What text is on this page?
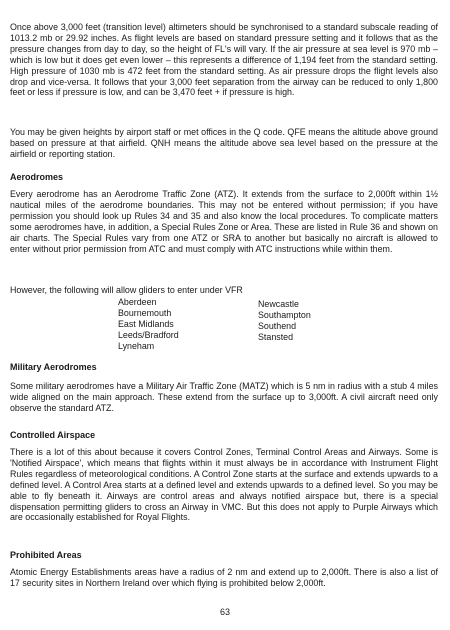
Once above 3,000 feet (transition level) altimeters should be synchronised to a standard subscale reading of 1013.2 mb or 29.92 inches. As flight levels are based on standard pressure setting and it follows that as the pressure changes from day to day, so the height of FL's will vary. If the air pressure at sea level is 970 mb – which is low but it does get even lower – this represents a difference of 1,194 feet from the standard setting. High pressure of 1030 mb is 472 feet from the standard setting. As air pressure drops the flight levels also drop and vice-versa. It follows that your 3,000 feet separation from the airway can be reduced to only 1,800 feet or less if pressure is low, and can be 3,470 feet + if pressure is high.

You may be given heights by airport staff or met offices in the Q code. QFE means the altitude above ground based on pressure at that airfield. QNH means the altitude above sea level based on the pressure at the airfield or reporting station.

Aerodromes

Every aerodrome has an Aerodrome Traffic Zone (ATZ). It extends from the surface to 2,000ft within 1½ nautical miles of the aerodrome boundaries. This may not be entered without permission; if you have permission you should look up Rules 34 and 35 and also know the local procedures. To complicate matters some aerodromes have, in addition, a Special Rules Zone or Area. These are listed in Rule 36 and shown on air charts. The Special Rules vary from one ATZ or SRA to another but basically no aircraft is allowed to enter without prior permission from ATC and must comply with ATC instructions while within them.

However, the following will allow gliders to enter under VFR

Aberdeen
Bournemouth
East Midlands
Leeds/Bradford
Lyneham
Newcastle
Southampton
Southend
Stansted
Military Aerodromes

Some military aerodromes have a Military Air Traffic Zone (MATZ) which is 5 nm in radius with a stub 4 miles wide aligned on the main approach. These extend from the surface up to 3,000ft. A civil aircraft need only observe the standard ATZ.

Controlled Airspace

There is a lot of this about because it covers Control Zones, Terminal Control Areas and Airways. Some is 'Notified Airspace', which means that flights within it must always be in accordance with Instrument Flight Rules regardless of meteorological conditions. A Control Zone starts at the surface and extends upwards to a defined level. A Control Area starts at a defined level and extends upwards to a defined level. So you may be able to fly beneath it. Airways are control areas and always notified airspace but, there is a special dispensation permitting gliders to cross an Airway in VMC. But this does not apply to Purple Airways which are occasionally established for Royal Flights.

Prohibited Areas

Atomic Energy Establishments areas have a radius of 2 nm and extend up to 2,000ft. There is also a list of 17 security sites in Northern Ireland over which flying is prohibited below 2,000ft.

63
